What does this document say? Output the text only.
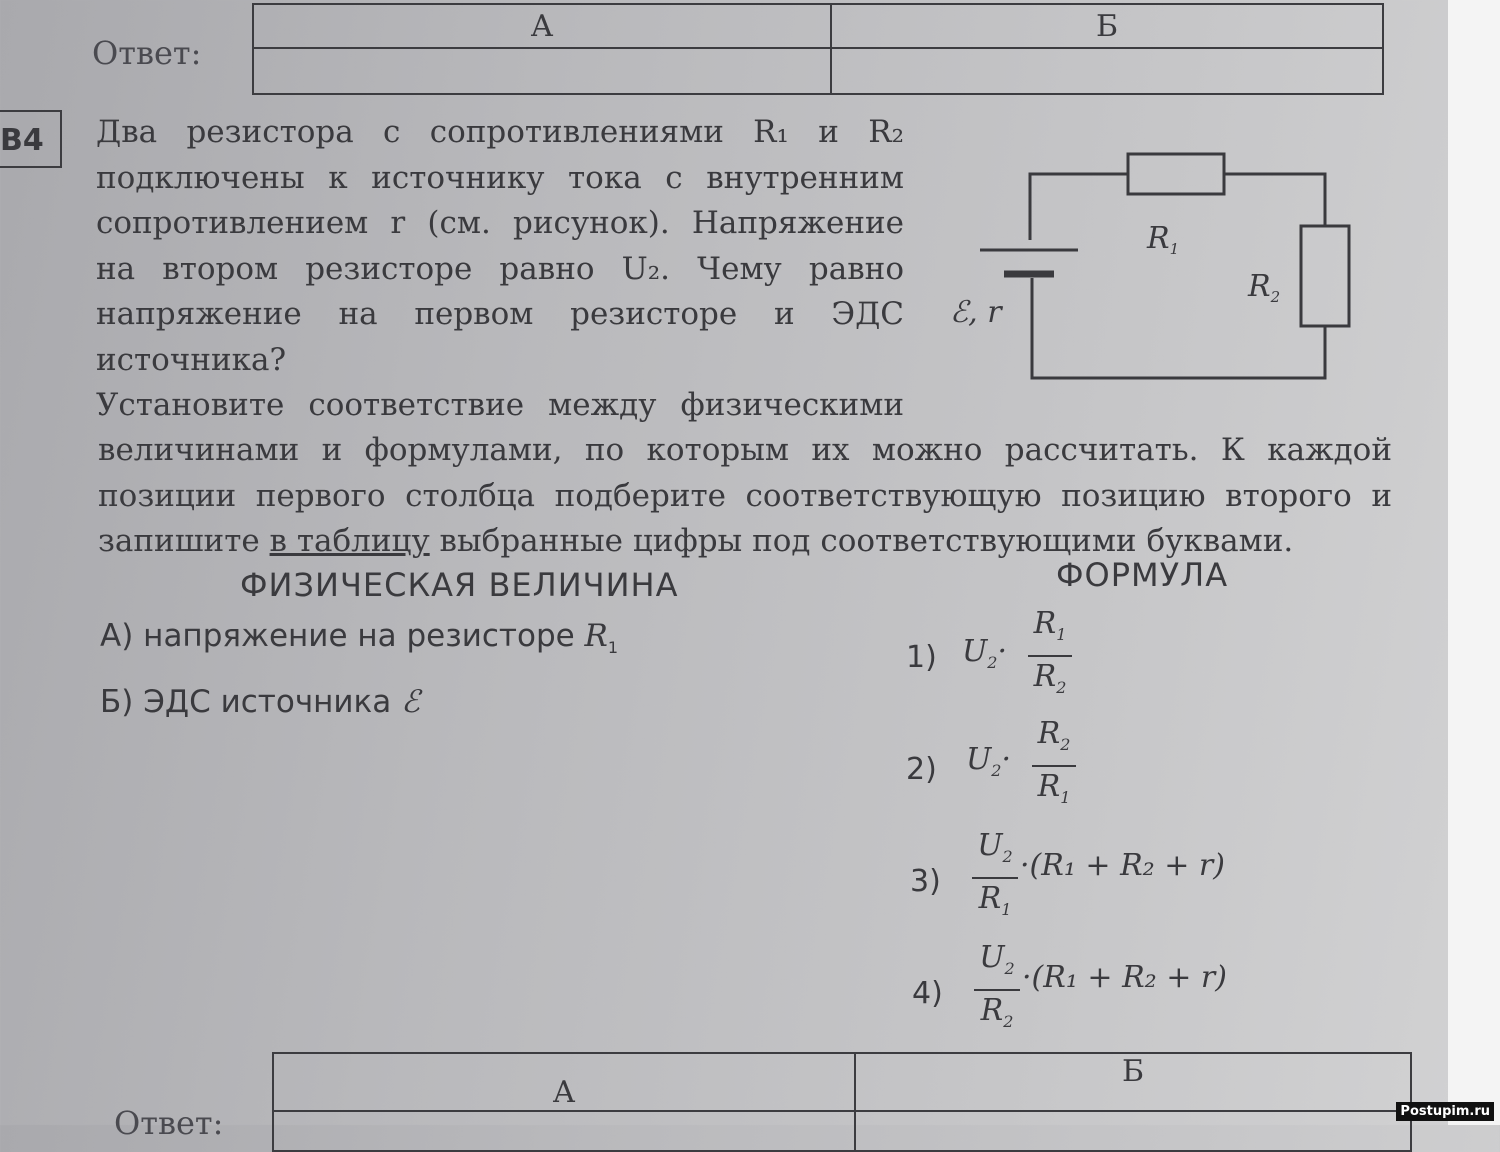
Ответ:
А	Б

В4	Два резистора с сопротивлениями R₁ и R₂
подключены к источнику тока с внутренним
сопротивлением r (см. рисунок). Напряжение
на втором резисторе равно U₂. Чему равно
напряжение на первом резисторе и ЭДС
источника?
Установите соответствие между физическими
величинами и формулами, по которым их можно рассчитать. К каждой
позиции первого столбца подберите соответствующую позицию второго и
запишите в таблицу выбранные цифры под соответствующими буквами.
$R_1$
$R_2$
ℰ, r
ФИЗИЧЕСКАЯ ВЕЛИЧИНА	ФОРМУЛА
А) напряжение на резисторе $R_1$
Б) ЭДС источника ℰ
1) $U_2\cdot$
$R_1$
$R_2$
2) $U_2\cdot$
$R_2$
$R_1$
3)
$U_2$
$R_1$
·(R₁ + R₂ + r)
4)
$U_2$
$R_2$
·(R₁ + R₂ + r)
Ответ:
А	Б

Postupim.ru
